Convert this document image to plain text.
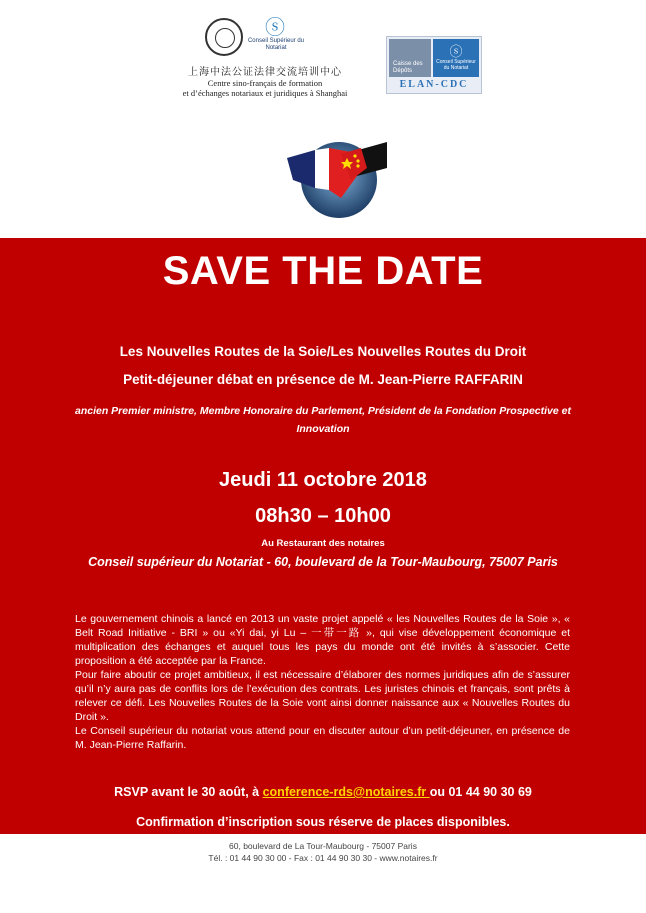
ⓢ
Conseil Supérieur du Notariat
上海中法公证法律交流培训中心
Centre sino-français de formation
et d’échanges notariaux et juridiques à Shanghai
Caisse des Dépôts
ⓢ
Conseil Supérieur du Notariat
ELAN-CDC
SAVE THE DATE
Les Nouvelles Routes de la Soie/Les Nouvelles Routes du Droit
Petit-déjeuner débat en présence de M. Jean-Pierre RAFFARIN
ancien Premier ministre, Membre Honoraire du Parlement, Président de la Fondation Prospective et Innovation
Jeudi 11 octobre 2018
08h30 – 10h00
Au Restaurant des notaires
Conseil supérieur du Notariat - 60, boulevard de la Tour-Maubourg, 75007 Paris

Le gouvernement chinois a lancé en 2013 un vaste projet appelé « les Nouvelles Routes de la Soie », « Belt Road Initiative - BRI » ou «Yi dai, yi Lu – 一带一路 », qui vise développement économique et multiplication des échanges et auquel tous les pays du monde ont été invités à s’associer. Cette proposition a été acceptée par la France.

Pour faire aboutir ce projet ambitieux, il est nécessaire d’élaborer des normes juridiques afin de s’assurer qu’il n’y aura pas de conflits lors de l’exécution des contrats. Les juristes chinois et français, sont prêts à relever ce défi. Les Nouvelles Routes de la Soie vont ainsi donner naissance aux « Nouvelles Routes du Droit ».

Le Conseil supérieur du notariat vous attend pour en discuter autour d’un petit-déjeuner, en présence de M. Jean-Pierre Raffarin.

RSVP avant le 30 août, à conference-rds@notaires.fr ou 01 44 90 30 69
Confirmation d’inscription sous réserve de places disponibles.
60, boulevard de La Tour-Maubourg - 75007 Paris
Tél. : 01 44 90 30 00 - Fax : 01 44 90 30 30 - www.notaires.fr
